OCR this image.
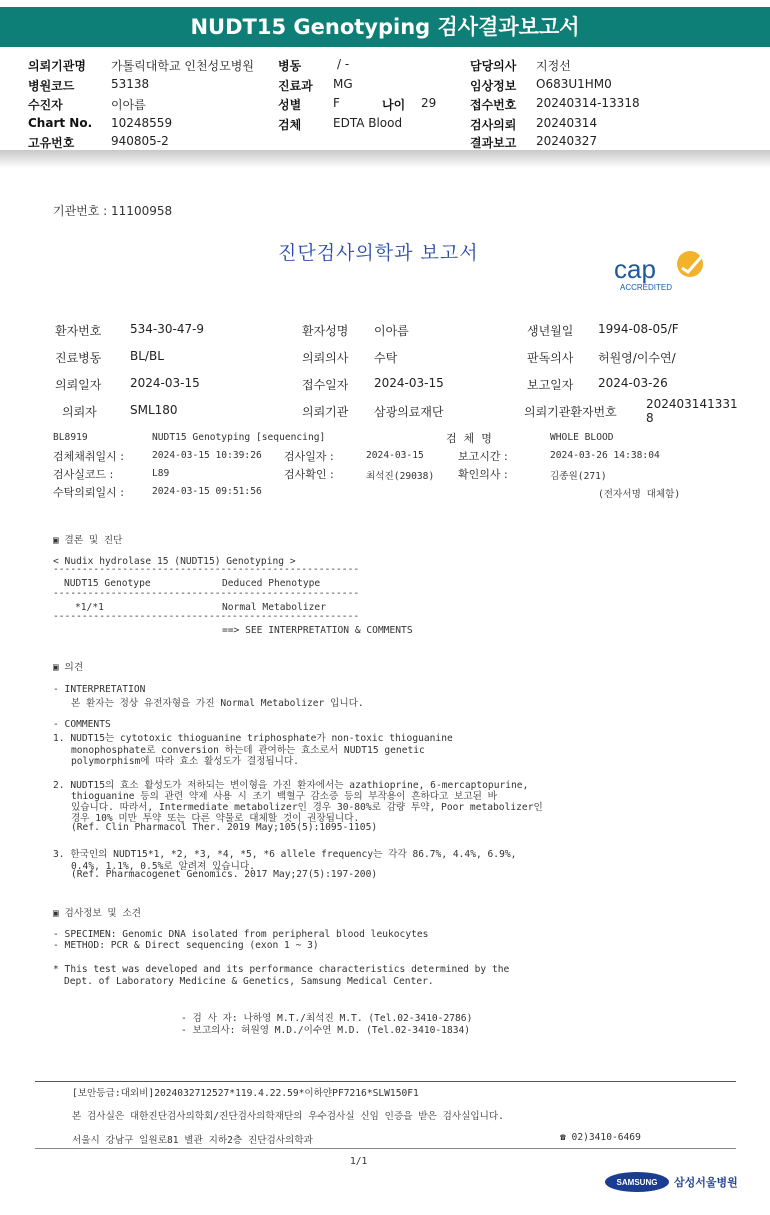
NUDT15 Genotyping 검사결과보고서
의뢰기관명 가톨릭대학교 인천성모병원
병원코드	53138
수진자	이아름
Chart No. 10248559
고유번호	940805-2
병동	/ -
진료과 MG
성별	F	나이 29
검체	EDTA Blood
담당의사 지정선
임상정보 O683U1HM0
접수번호 20240314-13318
검사의뢰 20240314
결과보고 20240327
기관번호 : 11100958
진단검사의학과 보고서
cap
ACCREDITED
환자번호 534-30-47-9	환자성명 이아름	생년월일 1994-08-05/F
진료병동 BL/BL	의뢰의사 수탁	판독의사 허원영/이수연/
의뢰일자 2024-03-15	접수일자 2024-03-15	보고일자 2024-03-26
의뢰자	SML180	의뢰기관 삼광의료재단	의뢰기관환자번호
202403141331
8
BL8919	NUDT15 Genotyping [sequencing]	검  체  명	WHOLE BLOOD
검체채취일시 :	2024-03-15 10:39:26 검사일자 :	2024-03-15	보고시간 :	2024-03-26 14:38:04
검사실코드 :	L89	검사확인 :	최석진(29038) 확인의사 :	김종원(271)
수탁의뢰일시 :	2024-03-15 09:51:56	(전자서명 대체함)
▣ 결론 및 진단
< Nudix hydrolase 15 (NUDT15) Genotyping >
-----------------------------------------------------
NUDT15 Genotype	Deduced Phenotype
-----------------------------------------------------
*1/*1	Normal Metabolizer
-----------------------------------------------------
==> SEE INTERPRETATION & COMMENTS
▣ 의견
- INTERPRETATION
본 환자는 정상 유전자형을 가진 Normal Metabolizer 입니다.
- COMMENTS
1. NUDT15는 cytotoxic thioguanine triphosphate가 non-toxic thioguanine
monophosphate로 conversion 하는데 관여하는 효소로서 NUDT15 genetic
polymorphism에 따라 효소 활성도가 결정됩니다.
2. NUDT15의 효소 활성도가 저하되는 변이형을 가진 환자에서는 azathioprine, 6-mercaptopurine,
thioguanine 등의 관련 약제 사용 시 조기 백혈구 감소증 등의 부작용이 흔하다고 보고된 바
있습니다. 따라서, Intermediate metabolizer인 경우 30-80%로 감량 투약, Poor metabolizer인
경우 10% 미만 투약 또는 다른 약물로 대체할 것이 권장됩니다.
(Ref. Clin Pharmacol Ther. 2019 May;105(5):1095-1105)
3. 한국인의 NUDT15*1, *2, *3, *4, *5, *6 allele frequency는 각각 86.7%, 4.4%, 6.9%,
0.4%, 1.1%, 0.5%로 알려져 있습니다.
(Ref. Pharmacogenet Genomics. 2017 May;27(5):197-200)
▣ 검사정보 및 소견
- SPECIMEN: Genomic DNA isolated from peripheral blood leukocytes
- METHOD: PCR & Direct sequencing (exon 1 ~ 3)
* This test was developed and its performance characteristics determined by the
Dept. of Laboratory Medicine & Genetics, Samsung Medical Center.
- 검 사 자: 나하영 M.T./최석진 M.T. (Tel.02-3410-2786)
- 보고의사: 허원영 M.D./이수연 M.D. (Tel.02-3410-1834)
[보안등급:대외비]2024032712527*119.4.22.59*이하얀PF7216*SLW150F1
본 검사실은 대한진단검사의학회/진단검사의학재단의 우수검사실 신임 인증을 받은 검사실입니다.
서울시 강남구 일원로81 별관 지하2층 진단검사의학과	☎ 02)3410-6469
1/1
SAMSUNG 삼성서울병원
